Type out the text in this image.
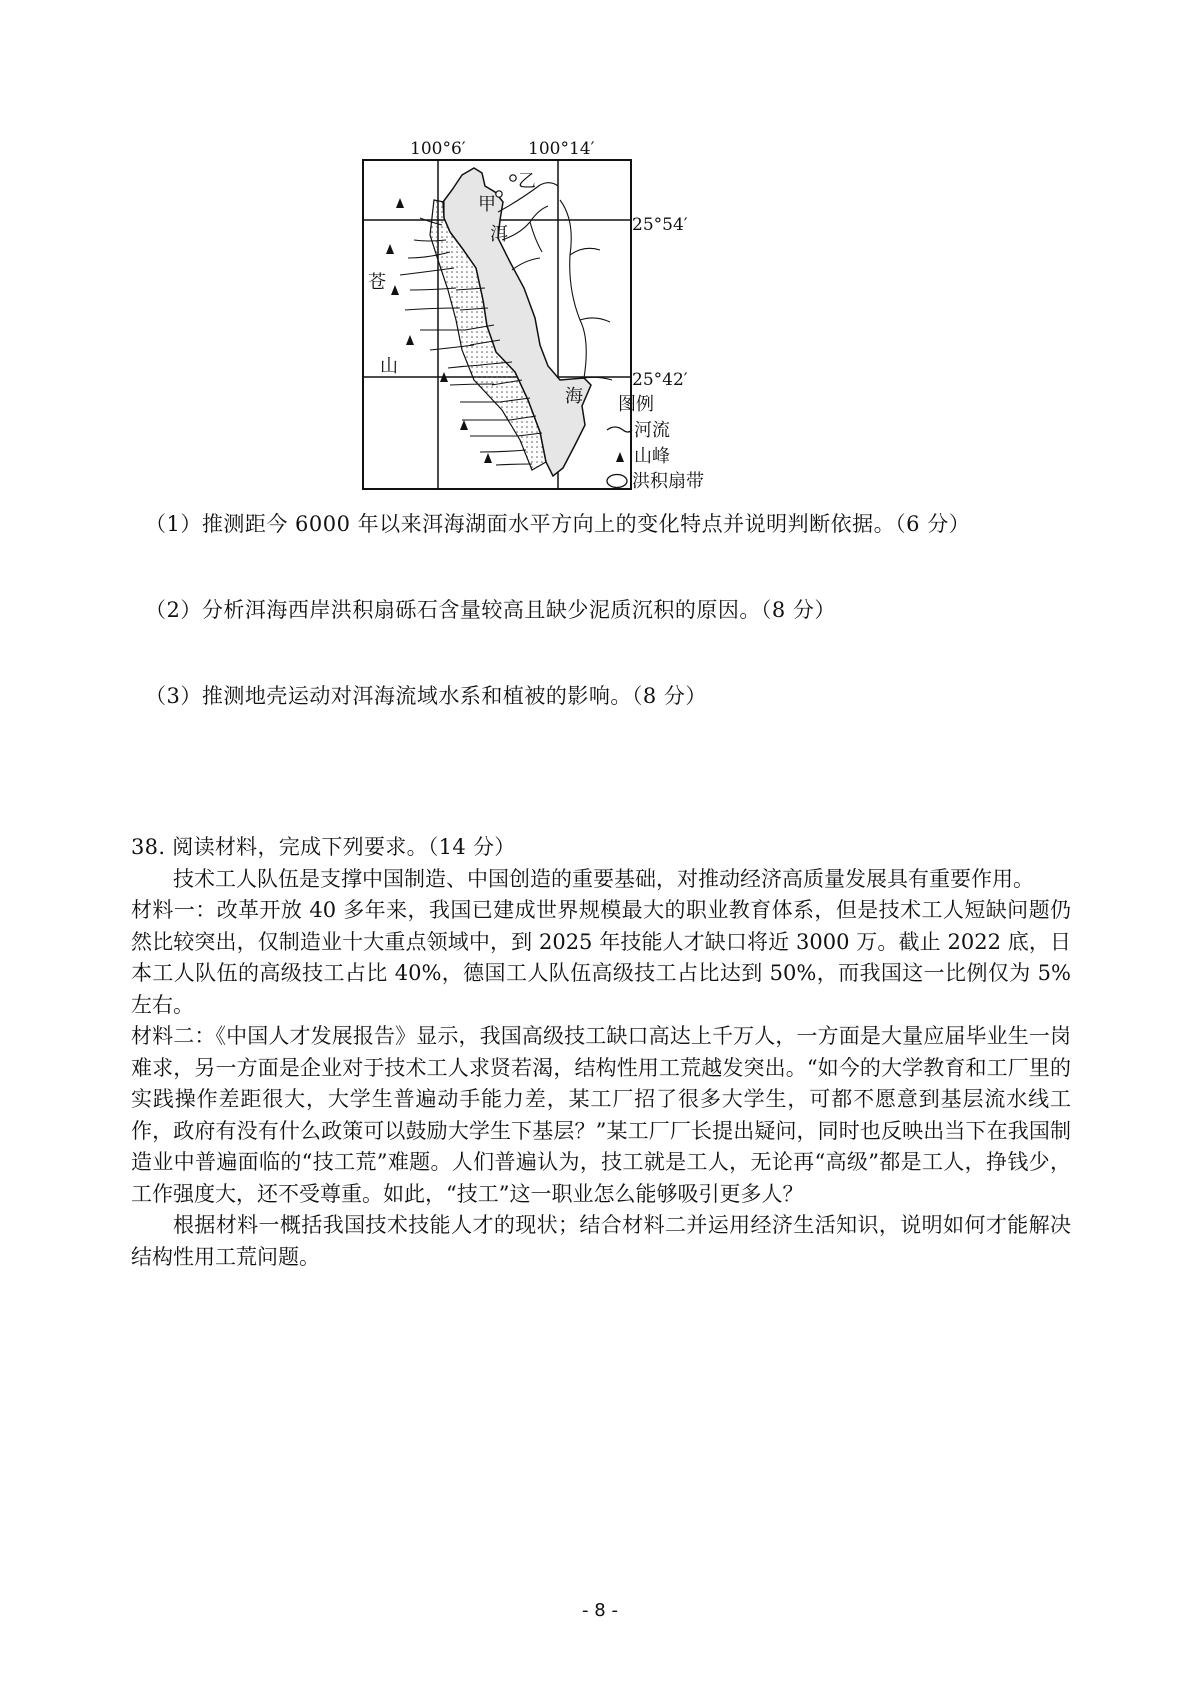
100°6′	100°14′
25°54′
25°42′
乙
甲
洱
海
苍
山
图例
河流
山峰
洪积扇带
（1）推测距今 6000 年以来洱海湖面水平方向上的变化特点并说明判断依据。（6 分）
（2）分析洱海西岸洪积扇砾石含量较高且缺少泥质沉积的原因。（8 分）
（3）推测地壳运动对洱海流域水系和植被的影响。（8 分）

38. 阅读材料，完成下列要求。（14 分）

技术工人队伍是支撑中国制造、中国创造的重要基础，对推动经济高质量发展具有重要作用。

材料一：改革开放 40 多年来，我国已建成世界规模最大的职业教育体系，但是技术工人短缺问题仍然比较突出，仅制造业十大重点领域中，到 2025 年技能人才缺口将近 3000 万。截止 2022 底，日本工人队伍的高级技工占比 40%，德国工人队伍高级技工占比达到 50%，而我国这一比例仅为 5%左右。

材料二：《中国人才发展报告》显示，我国高级技工缺口高达上千万人，一方面是大量应届毕业生一岗难求，另一方面是企业对于技术工人求贤若渴，结构性用工荒越发突出。“如今的大学教育和工厂里的实践操作差距很大，大学生普遍动手能力差，某工厂招了很多大学生，可都不愿意到基层流水线工作，政府有没有什么政策可以鼓励大学生下基层？”某工厂厂长提出疑问，同时也反映出当下在我国制造业中普遍面临的“技工荒”难题。人们普遍认为，技工就是工人，无论再“高级”都是工人，挣钱少，工作强度大，还不受尊重。如此，“技工”这一职业怎么能够吸引更多人？

根据材料一概括我国技术技能人才的现状；结合材料二并运用经济生活知识，说明如何才能解决结构性用工荒问题。

- 8 -
